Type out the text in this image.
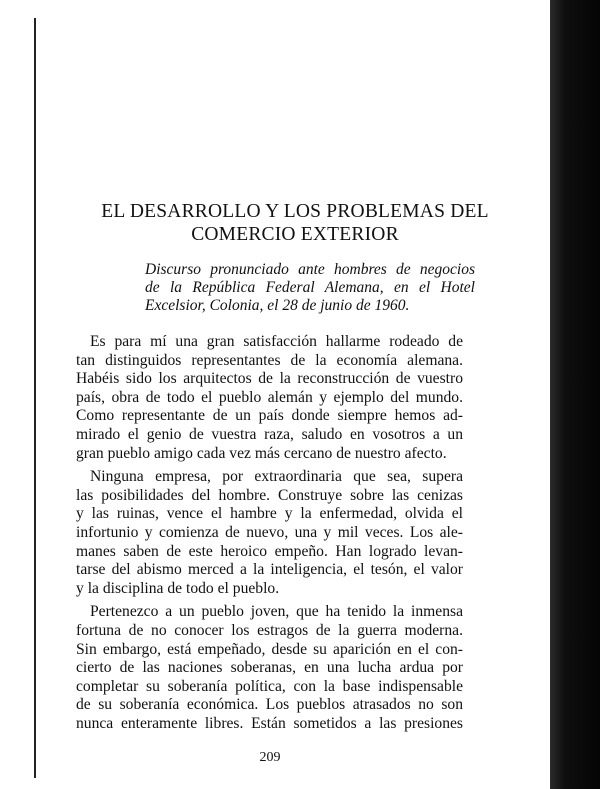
EL DESARROLLO Y LOS PROBLEMAS DEL
COMERCIO EXTERIOR
Discurso pronunciado ante hombres de negocios
de la República Federal Alemana, en el Hotel
Excelsior, Colonia, el 28 de junio de 1960.
Es para mí una gran satisfacción hallarme rodeado de
tan distinguidos representantes de la economía alemana.
Habéis sido los arquitectos de la reconstrucción de vuestro
país, obra de todo el pueblo alemán y ejemplo del mundo.
Como representante de un país donde siempre hemos ad-
mirado el genio de vuestra raza, saludo en vosotros a un
gran pueblo amigo cada vez más cercano de nuestro afecto.
Ninguna empresa, por extraordinaria que sea, supera
las posibilidades del hombre. Construye sobre las cenizas
y las ruinas, vence el hambre y la enfermedad, olvida el
infortunio y comienza de nuevo, una y mil veces. Los ale-
manes saben de este heroico empeño. Han logrado levan-
tarse del abismo merced a la inteligencia, el tesón, el valor
y la disciplina de todo el pueblo.
Pertenezco a un pueblo joven, que ha tenido la inmensa
fortuna de no conocer los estragos de la guerra moderna.
Sin embargo, está empeñado, desde su aparición en el con-
cierto de las naciones soberanas, en una lucha ardua por
completar su soberanía política, con la base indispensable
de su soberanía económica. Los pueblos atrasados no son
nunca enteramente libres. Están sometidos a las presiones
209
